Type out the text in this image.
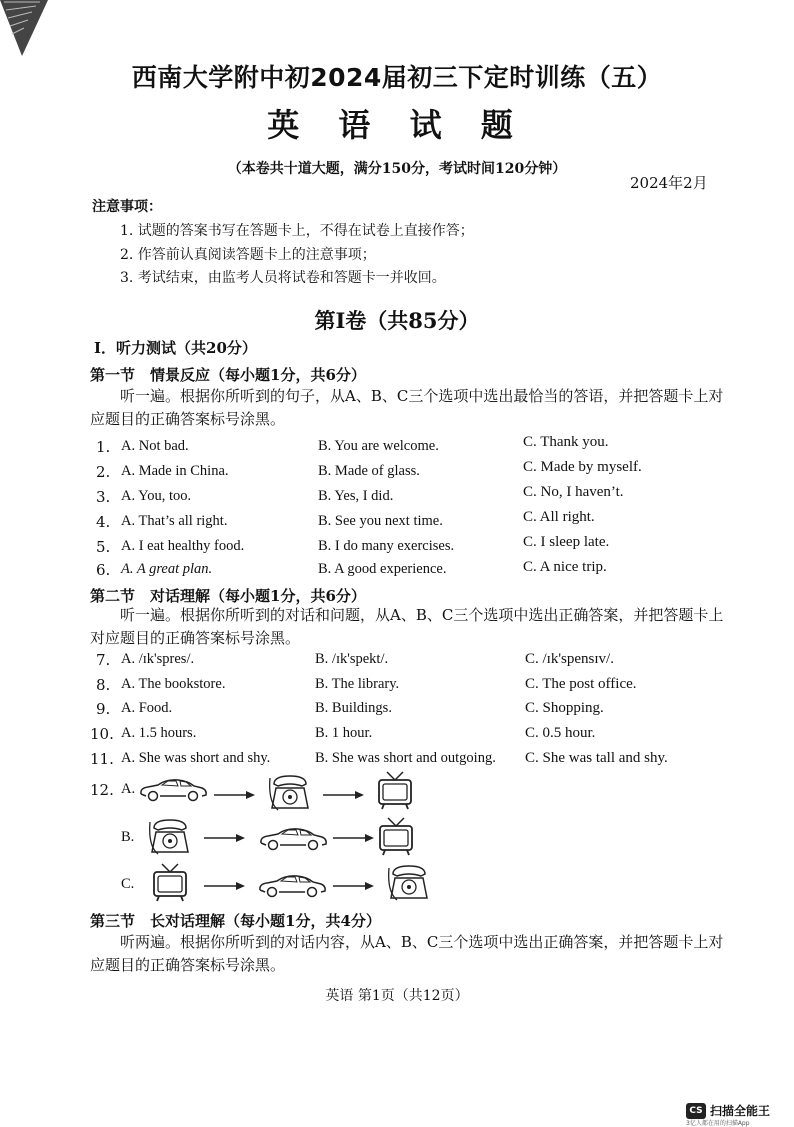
西南大学附中初2024届初三下定时训练（五）
英 语 试 题
（本卷共十道大题，满分150分，考试时间120分钟）
2024年2月
注意事项：
1. 试题的答案书写在答题卡上，不得在试卷上直接作答；
2. 作答前认真阅读答题卡上的注意事项；
3. 考试结束，由监考人员将试卷和答题卡一并收回。
第Ⅰ卷（共85分）
Ⅰ．听力测试（共20分）
第一节　情景反应（每小题1分，共6分）
听一遍。根据你所听到的句子，从A、B、C三个选项中选出最恰当的答语，并把答题卡上对应题目的正确答案标号涂黑。
1. A. Not bad.	B. You are welcome.	C. Thank you.
2. A. Made in China.	B. Made of glass.	C. Made by myself.
3. A. You, too.	B. Yes, I did.	C. No, I haven’t.
4. A. That’s all right.	B. See you next time.	C. All right.
5. A. I eat healthy food.	B. I do many exercises.	C. I sleep late.
6. A. A great plan.	B. A good experience.	C. A nice trip.
第二节　对话理解（每小题1分，共6分）
听一遍。根据你所听到的对话和问题，从A、B、C三个选项中选出正确答案，并把答题卡上对应题目的正确答案标号涂黑。
7. A. /ɪk'spres/.	B. /ɪk'spekt/.	C. /ɪk'spensɪv/.
8. A. The bookstore.	B. The library.	C. The post office.
9. A. Food.	B. Buildings.	C. Shopping.
10. A. 1.5 hours.	B. 1 hour.	C. 0.5 hour.
11. A. She was short and shy.	B. She was short and outgoing. C. She was tall and shy.
12. A.
B.
C.
第三节　长对话理解（每小题1分，共4分）
听两遍。根据你所听到的对话内容，从A、B、C三个选项中选出正确答案，并把答题卡上对应题目的正确答案标号涂黑。
英语 第1页（共12页）
CS 扫描全能王
3亿人都在用的扫描App
